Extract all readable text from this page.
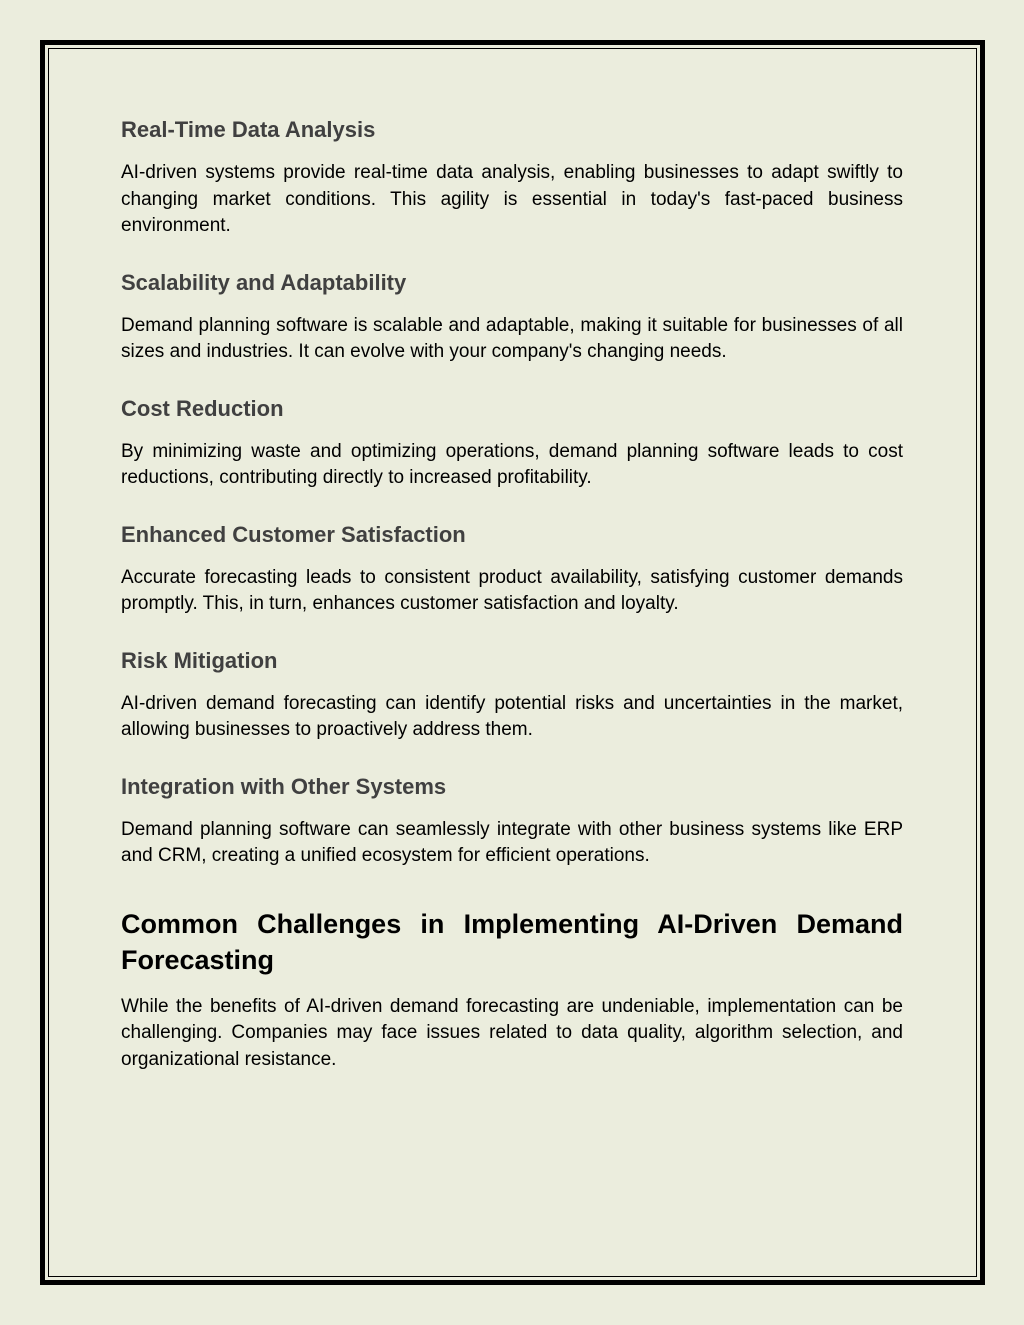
Real-Time Data Analysis

AI-driven systems provide real-time data analysis, enabling businesses to adapt swiftly to changing market conditions. This agility is essential in today's fast-paced business environment.

Scalability and Adaptability

Demand planning software is scalable and adaptable, making it suitable for businesses of all sizes and industries. It can evolve with your company's changing needs.

Cost Reduction

By minimizing waste and optimizing operations, demand planning software leads to cost reductions, contributing directly to increased profitability.

Enhanced Customer Satisfaction

Accurate forecasting leads to consistent product availability, satisfying customer demands promptly. This, in turn, enhances customer satisfaction and loyalty.

Risk Mitigation

AI-driven demand forecasting can identify potential risks and uncertainties in the market, allowing businesses to proactively address them.

Integration with Other Systems

Demand planning software can seamlessly integrate with other business systems like ERP and CRM, creating a unified ecosystem for efficient operations.

Common Challenges in Implementing AI-Driven Demand Forecasting

While the benefits of AI-driven demand forecasting are undeniable, implementation can be challenging. Companies may face issues related to data quality, algorithm selection, and organizational resistance.
